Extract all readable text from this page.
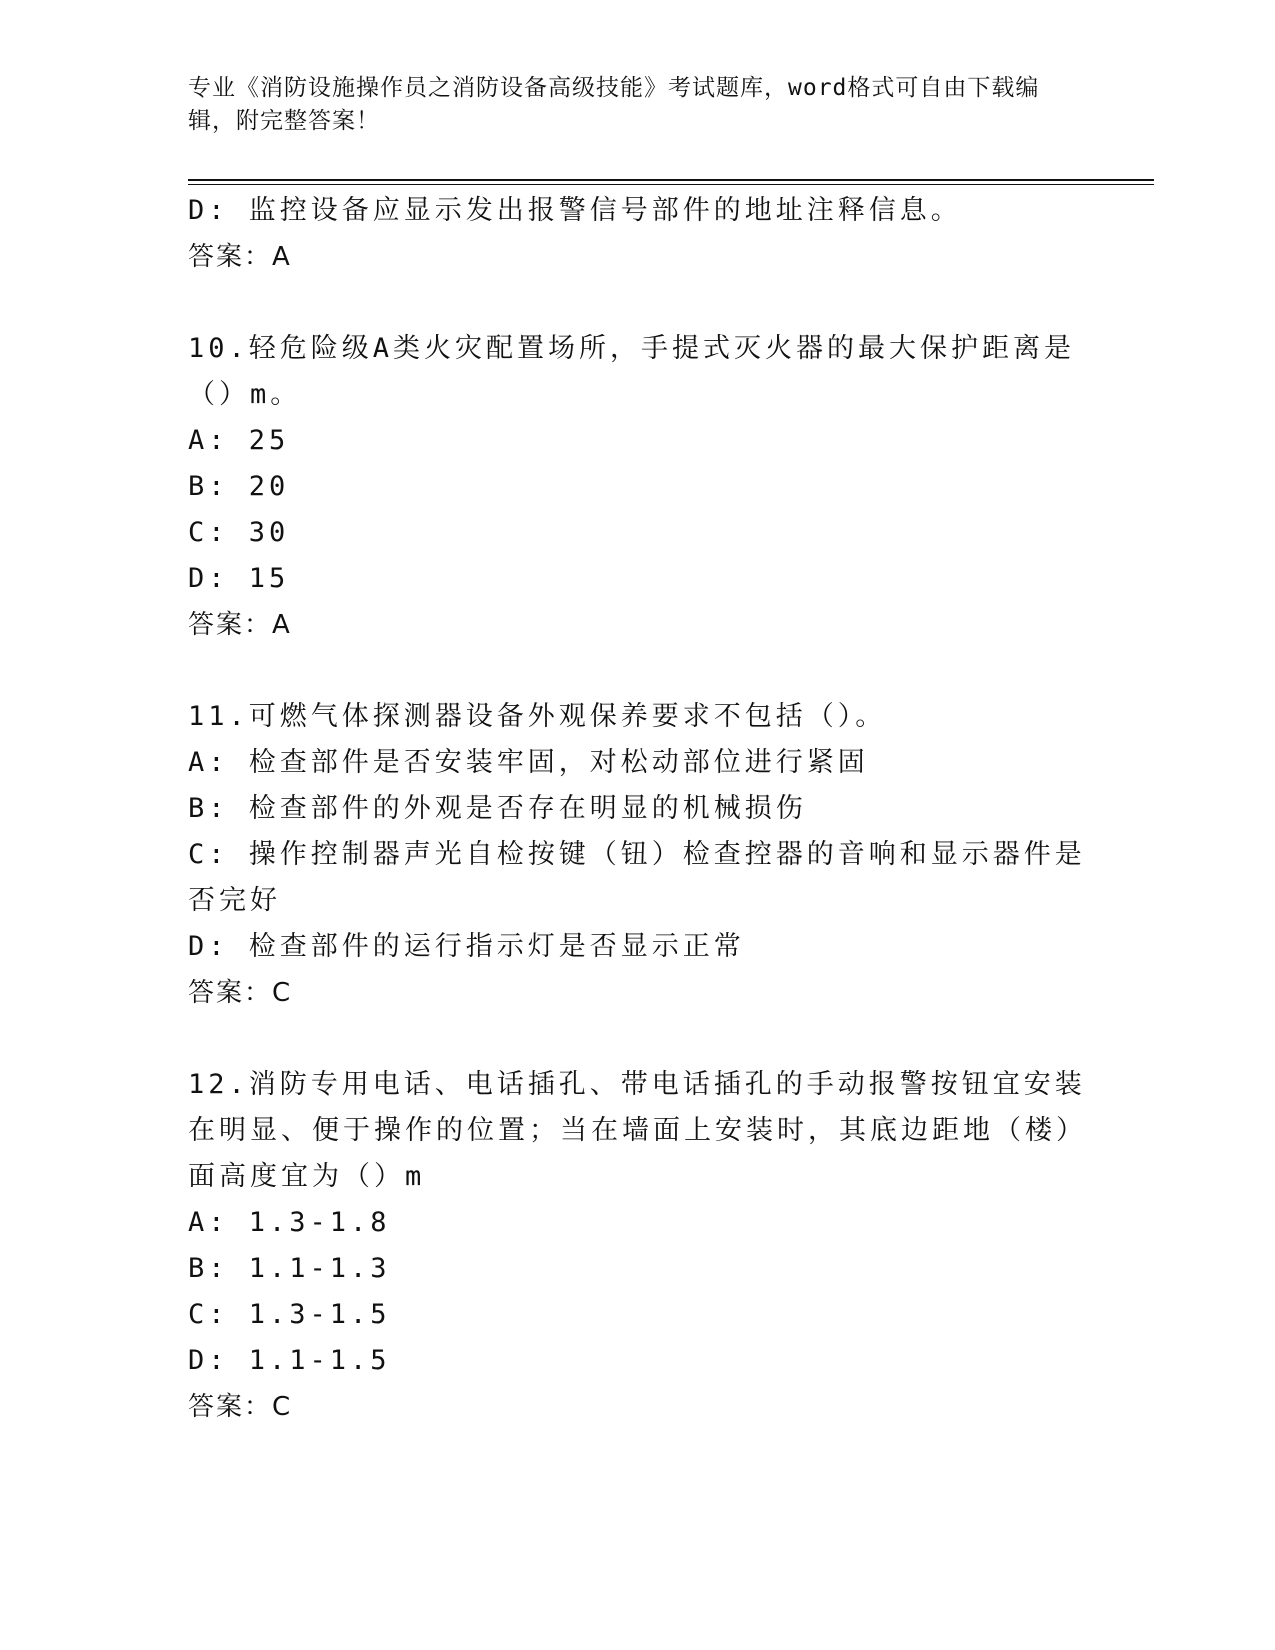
专业《消防设施操作员之消防设备高级技能》考试题库，word格式可自由下载编辑，附完整答案！
D: 监控设备应显示发出报警信号部件的地址注释信息。
答案：A
10.轻危险级A类火灾配置场所，手提式灭火器的最大保护距离是（）m。
A: 25
B: 20
C: 30
D: 15
答案：A
11.可燃气体探测器设备外观保养要求不包括（）。
A: 检查部件是否安装牢固，对松动部位进行紧固
B: 检查部件的外观是否存在明显的机械损伤
C: 操作控制器声光自检按键（钮）检查控器的音响和显示器件是否完好
D: 检查部件的运行指示灯是否显示正常
答案：C
12.消防专用电话、电话插孔、带电话插孔的手动报警按钮宜安装在明显、便于操作的位置；当在墙面上安装时，其底边距地（楼）面高度宜为（）m
A: 1.3-1.8
B: 1.1-1.3
C: 1.3-1.5
D: 1.1-1.5
答案：C
